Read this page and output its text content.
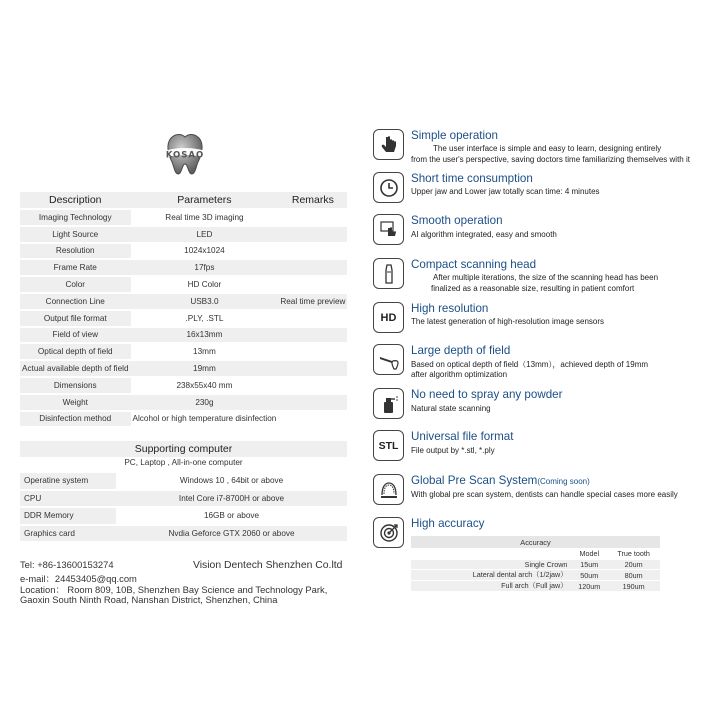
KOSAO
Description	Parameters	Remarks
Imaging Technology	Real time 3D imaging	
Light Source	LED	
Resolution	1024x1024	
Frame Rate	17fps	
Color	HD Color	
Connection Line	USB3.0	Real time preview
Output file format	.PLY, .STL	
Field of view	16x13mm	
Optical depth of field	13mm	
Actual available depth of field	19mm	
Dimensions	238x55x40 mm	
Weight	230g	
Disinfection method	Alcohol or high temperature disinfection	
Supporting computer
PC, Laptop , All-in-one computer
Operatine system	Windows 10 , 64bit or above
CPU	Intel Core i7-8700H or above
DDR Memory	16GB or above
Graphics card	Nvdia Geforce GTX 2060 or above
Tel: +86-13600153274	Vision Dentech Shenzhen Co.ltd
e-mail：24453405@qq.com
Location： Room 809, 10B, Shenzhen Bay Science and Technology Park,
Gaoxin South Ninth Road, Nanshan District, Shenzhen, China
Simple operation
The user interface is simple and easy to learn, designing entirely
from the user's perspective, saving doctors time familiarizing themselves with it
Short time consumption
Upper jaw and Lower jaw totally scan time: 4 minutes
Smooth operation
AI algorithm integrated, easy and smooth
Compact scanning head
After multiple iterations, the size of the scanning head has been
finalized as a reasonable size, resulting in patient comfort
HD
High resolution
The latest generation of high-resolution image sensors
Large depth of field
Based on optical depth of field（13mm），achieved depth of 19mm
after algorithm optimization
No need to spray any powder
Natural state scanning
STL
Universal file format
File output by *.stl, *.ply
Global Pre Scan System(Coming soon)
With global pre scan system, dentists can handle special cases more easily
High accuracy
Accuracy		
	Model	True tooth
Single Crown	15um	20um
Lateral dental arch（1/2jaw）	50um	80um
Full arch（Full jaw）	120um	190um
